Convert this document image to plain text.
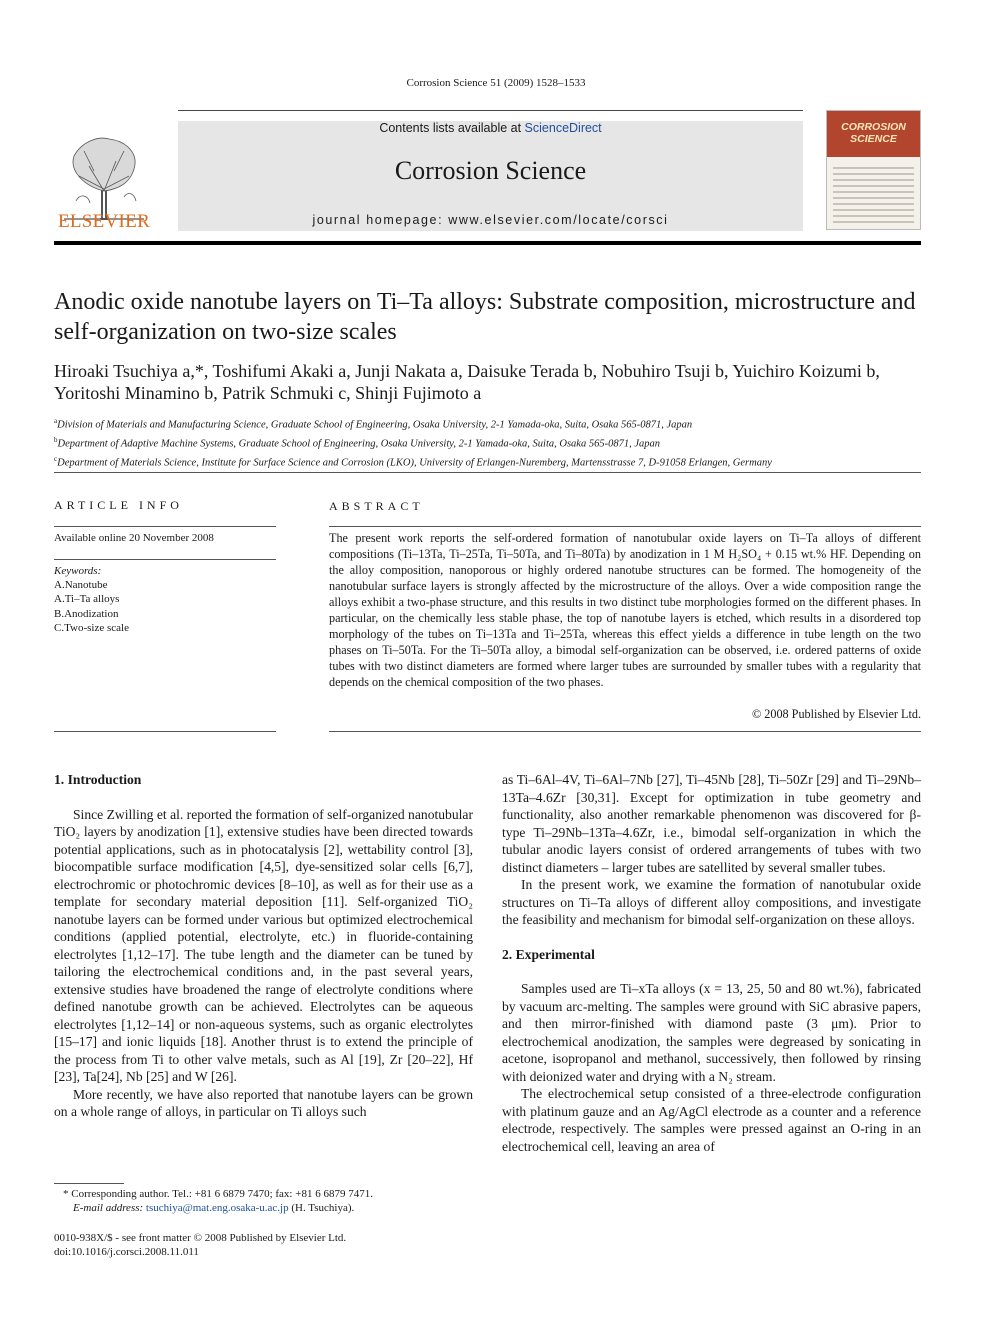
Corrosion Science 51 (2009) 1528–1533
ELSEVIER
Contents lists available at ScienceDirect
Corrosion Science
journal homepage: www.elsevier.com/locate/corsci
CORROSION
SCIENCE
Anodic oxide nanotube layers on Ti–Ta alloys: Substrate composition, microstructure and self-organization on two-size scales
Hiroaki Tsuchiya a,*, Toshifumi Akaki a, Junji Nakata a, Daisuke Terada b, Nobuhiro Tsuji b, Yuichiro Koizumi b,
Yoritoshi Minamino b, Patrik Schmuki c, Shinji Fujimoto a
$^a$Division of Materials and Manufacturing Science, Graduate School of Engineering, Osaka University, 2-1 Yamada-oka, Suita, Osaka 565-0871, Japan
$^b$Department of Adaptive Machine Systems, Graduate School of Engineering, Osaka University, 2-1 Yamada-oka, Suita, Osaka 565-0871, Japan
$^c$Department of Materials Science, Institute for Surface Science and Corrosion (LKO), University of Erlangen-Nuremberg, Martensstrasse 7, D-91058 Erlangen, Germany
ARTICLE INFO
Available online 20 November 2008
Keywords:
A.Nanotube
A.Ti–Ta alloys
B.Anodization
C.Two-size scale
ABSTRACT
The present work reports the self-ordered formation of nanotubular oxide layers on Ti–Ta alloys of different compositions (Ti–13Ta, Ti–25Ta, Ti–50Ta, and Ti–80Ta) by anodization in 1 M H₂SO₄ + 0.15 wt.% HF. Depending on the alloy composition, nanoporous or highly ordered nanotube structures can be formed. The homogeneity of the nanotubular surface layers is strongly affected by the microstructure of the alloys. Over a wide composition range the alloys exhibit a two-phase structure, and this results in two distinct tube morphologies formed on the different phases. In particular, on the chemically less stable phase, the top of nanotube layers is etched, which results in a disordered top morphology of the tubes on Ti–13Ta and Ti–25Ta, whereas this effect yields a difference in tube length on the two phases on Ti–50Ta. For the Ti–50Ta alloy, a bimodal self-organization can be observed, i.e. ordered patterns of oxide tubes with two distinct diameters are formed where larger tubes are surrounded by smaller tubes with a regularity that depends on the chemical composition of the two phases.
© 2008 Published by Elsevier Ltd.
1. Introduction

Since Zwilling et al. reported the formation of self-organized nanotubular TiO₂ layers by anodization [1], extensive studies have been directed towards potential applications, such as in photocatalysis [2], wettability control [3], biocompatible surface modification [4,5], dye-sensitized solar cells [6,7], electrochromic or photochromic devices [8–10], as well as for their use as a template for secondary material deposition [11]. Self-organized TiO₂ nanotube layers can be formed under various but optimized electrochemical conditions (applied potential, electrolyte, etc.) in fluoride-containing electrolytes [1,12–17]. The tube length and the diameter can be tuned by tailoring the electrochemical conditions and, in the past several years, extensive studies have broadened the range of electrolyte conditions where defined nanotube growth can be achieved. Electrolytes can be aqueous electrolytes [1,12–14] or non-aqueous systems, such as organic electrolytes [15–17] and ionic liquids [18]. Another thrust is to extend the principle of the process from Ti to other valve metals, such as Al [19], Zr [20–22], Hf [23], Ta[24], Nb [25] and W [26].

More recently, we have also reported that nanotube layers can be grown on a whole range of alloys, in particular on Ti alloys such

* Corresponding author. Tel.: +81 6 6879 7470; fax: +81 6 6879 7471.
E-mail address: tsuchiya@mat.eng.osaka-u.ac.jp (H. Tsuchiya).
0010-938X/$ - see front matter © 2008 Published by Elsevier Ltd.
doi:10.1016/j.corsci.2008.11.011

as Ti–6Al–4V, Ti–6Al–7Nb [27], Ti–45Nb [28], Ti–50Zr [29] and Ti–29Nb–13Ta–4.6Zr [30,31]. Except for optimization in tube geometry and functionality, also another remarkable phenomenon was discovered for β-type Ti–29Nb–13Ta–4.6Zr, i.e., bimodal self-organization in which the tubular anodic layers consist of ordered arrangements of tubes with two distinct diameters – larger tubes are satellited by several smaller tubes.

In the present work, we examine the formation of nanotubular oxide structures on Ti–Ta alloys of different alloy compositions, and investigate the feasibility and mechanism for bimodal self-organization on these alloys.

2. Experimental

Samples used are Ti–xTa alloys (x = 13, 25, 50 and 80 wt.%), fabricated by vacuum arc-melting. The samples were ground with SiC abrasive papers, and then mirror-finished with diamond paste (3 μm). Prior to electrochemical anodization, the samples were degreased by sonicating in acetone, isopropanol and methanol, successively, then followed by rinsing with deionized water and drying with a N₂ stream.

The electrochemical setup consisted of a three-electrode configuration with platinum gauze and an Ag/AgCl electrode as a counter and a reference electrode, respectively. The samples were pressed against an O-ring in an electrochemical cell, leaving an area of
